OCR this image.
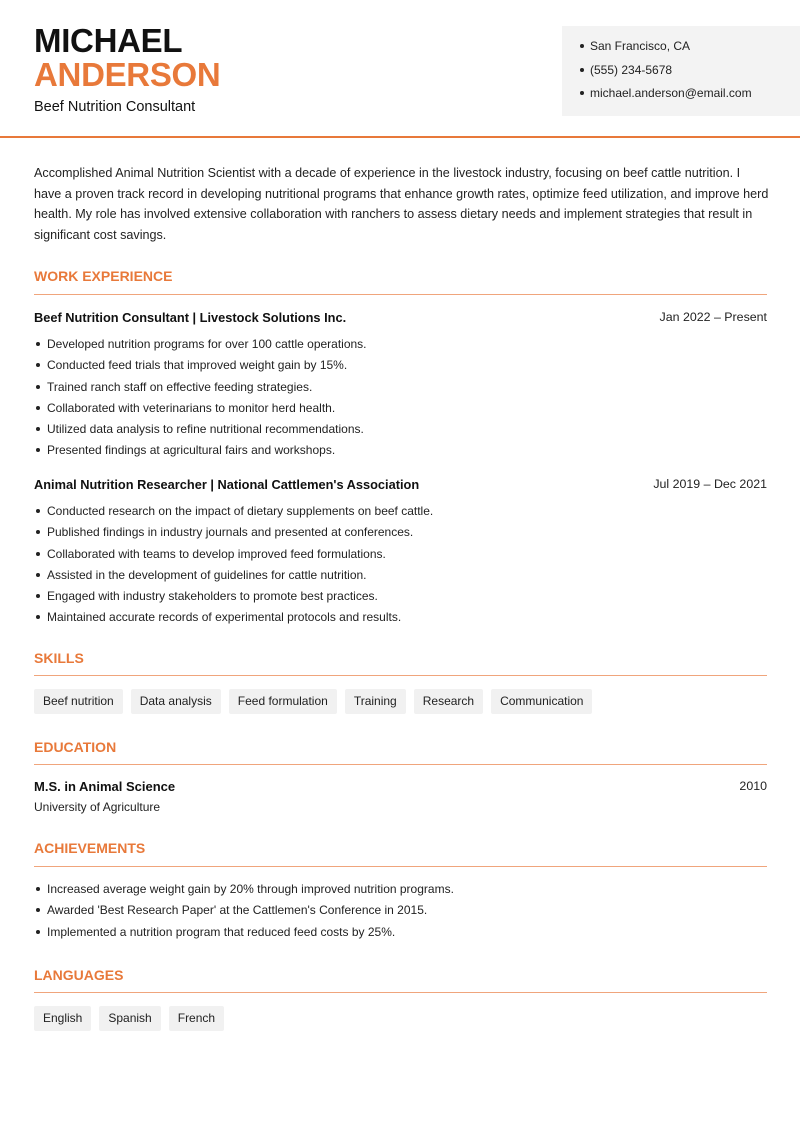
MICHAEL
ANDERSON
Beef Nutrition Consultant
San Francisco, CA
(555) 234-5678
michael.anderson@email.com

Accomplished Animal Nutrition Scientist with a decade of experience in the livestock industry, focusing on beef cattle nutrition. I have a proven track record in developing nutritional programs that enhance growth rates, optimize feed utilization, and improve herd health. My role has involved extensive collaboration with ranchers to assess dietary needs and implement strategies that result in significant cost savings.

WORK EXPERIENCE
Beef Nutrition Consultant | Livestock Solutions Inc.	Jan 2022 – Present
Developed nutrition programs for over 100 cattle operations.
Conducted feed trials that improved weight gain by 15%.
Trained ranch staff on effective feeding strategies.
Collaborated with veterinarians to monitor herd health.
Utilized data analysis to refine nutritional recommendations.
Presented findings at agricultural fairs and workshops.
Animal Nutrition Researcher | National Cattlemen's Association	Jul 2019 – Dec 2021
Conducted research on the impact of dietary supplements on beef cattle.
Published findings in industry journals and presented at conferences.
Collaborated with teams to develop improved feed formulations.
Assisted in the development of guidelines for cattle nutrition.
Engaged with industry stakeholders to promote best practices.
Maintained accurate records of experimental protocols and results.
SKILLS
Beef nutrition	Data analysis	Feed formulation	Training	Research	Communication
EDUCATION
M.S. in Animal Science	2010
University of Agriculture
ACHIEVEMENTS
Increased average weight gain by 20% through improved nutrition programs.
Awarded 'Best Research Paper' at the Cattlemen's Conference in 2015.
Implemented a nutrition program that reduced feed costs by 25%.
LANGUAGES
English	Spanish	French
